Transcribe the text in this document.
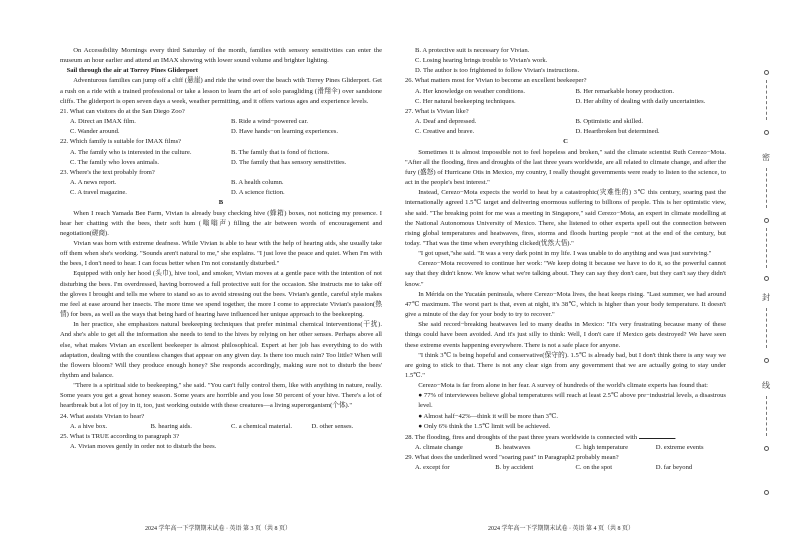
On Accessibility Mornings every third Saturday of the month, families with sensory sensitivities can enter the museum an hour earlier and attend an IMAX showing with lower sound volume and brighter lighting.

Sail through the air at Torrey Pines Gliderport

Adventurous families can jump off a cliff (悬崖) and ride the wind over the beach with Torrey Pines Gliderport. Get a rush on a ride with a trained professional or take a lesson to learn the art of solo paragliding (滑翔伞) over sandstone cliffs. The gliderport is open seven days a week, weather permitting, and it offers various ages and experience levels.

21. What can visitors do at the San Diego Zoo?

A. Direct an IMAX film.	B. Ride a wind−powered car.
C. Wander around.	D. Have hands−on learning experiences.

22. Which family is suitable for IMAX films?

A. The family who is interested in the culture.	B. The family that is fond of fictions.
C. The family who loves animals.	D. The family that has sensory sensitivities.

23. Where's the text probably from?

A. A news report.	B. A health column.
C. A travel magazine.	D. A science fiction.

B

When I reach Yamada Bee Farm, Vivian is already busy checking hive (蜂箱) boxes, not noticing my presence. I hear her chatting with the bees, their soft hum (嗡嗡声) filling the air between words of encouragement and negotiation(磋商).

Vivian was born with extreme deafness. While Vivian is able to hear with the help of hearing aids, she usually take off them when she's working. "Sounds aren't natural to me," she explains. "I just love the peace and quiet. When I'm with the bees, I don't need to hear. I can focus better when I'm not constantly disturbed."

Equipped with only her hood (头巾), hive tool, and smoker, Vivian moves at a gentle pace with the intention of not disturbing the bees. I'm overdressed, having borrowed a full protective suit for the occasion. She instructs me to take off the gloves I brought and tells me where to stand so as to avoid stressing out the bees. Vivian's gentle, careful style makes me feel at ease around her insects. The more time we spend together, the more I come to appreciate Vivian's passion(热情) for bees, as well as the ways that being hard of hearing have influenced her unique approach to the beekeeping.

In her practice, she emphasizes natural beekeeping techniques that prefer minimal chemical interventions(干扰). And she's able to get all the information she needs to tend to the hives by relying on her other senses. Perhaps above all else, what makes Vivian an excellent beekeeper is almost philosophical. Expert at her job has everything to do with adaptation, dealing with the countless changes that appear on any given day. Is there too much rain? Too little? When will the flowers bloom? Will they produce enough honey? She responds accordingly, making sure not to disturb the bees' rhythm and balance.

"There is a spiritual side to beekeeping," she said. "You can't fully control them, like with anything in nature, really. Some years you get a great honey season. Some years are horrible and you lose 50 percent of your hive. There's a lot of heartbreak but a lot of joy in it, too, just working outside with these creatures—a living superorganism(个体)."

24. What assists Vivian to hear?

A. a hive box.	B. hearing aids.	C. a chemical material.	D. other senses.

25. What is TRUE according to paragraph 3?

A. Vivian moves gently in order not to disturb the bees.
B. A protective suit is necessary for Vivian.
C. Losing hearing brings trouble to Vivian's work.
D. The author is too frightened to follow Vivian's instructions.

26. What matters most for Vivian to become an excellent beekeeper?

A. Her knowledge on weather conditions.	B. Her remarkable honey production.
C. Her natural beekeeping techniques.	D. Her ability of dealing with daily uncertainties.

27. What is Vivian like?

A. Deaf and depressed.	B. Optimistic and skilled.
C. Creative and brave.	D. Heartbroken but determined.

C

Sometimes it is almost impossible not to feel hopeless and broken," said the climate scientist Ruth Cerezo−Mota. "After all the flooding, fires and droughts of the last three years worldwide, are all related to climate change, and after the fury (盛怒) of Hurricane Otis in Mexico, my country, I really thought governments were ready to listen to the science, to act in the people's best interest."

Instead, Cerezo−Mota expects the world to heat by a catastrophic(灾难性的) 3℃ this century, soaring past the internationally agreed 1.5℃ target and delivering enormous suffering to billions of people. This is her optimistic view, she said. "The breaking point for me was a meeting in Singapore," said Cerezo−Mota, an expert in climate modelling at the National Autonomous University of Mexico. There, she listened to other experts spell out the connection between rising global temperatures and heatwaves, fires, storms and floods hurting people −not at the end of the century, but today. "That was the time when everything clicked(忧然大悟)."

"I got upset,"she said. "It was a very dark point in my life. I was unable to do anything and was just surviving."

Cerezo−Mota recovered to continue her work: "We keep doing it because we have to do it, so the powerful cannot say that they didn't know. We know what we're talking about. They can say they don't care, but they can't say they didn't know."

In Mérida on the Yucatán peninsula, where Cerezo−Mota lives, the heat keeps rising. "Last summer, we had around 47℃ maximum. The worst part is that, even at night, it's 38℃, which is higher than your body temperature. It doesn't give a minute of the day for your body to try to recover."

She said record−breaking heatwaves led to many deaths in Mexico: "It's very frustrating because many of these things could have been avoided. And it's just silly to think: Well, I don't care if Mexico gets destroyed? We have seen these extreme events happening everywhere. There is not a safe place for anyone.

"I think 3℃ is being hopeful and conservative(保守的). 1.5℃ is already bad, but I don't think there is any way we are going to stick to that. There is not any clear sign from any government that we are actually going to stay under 1.5℃."

Cerezo−Mota is far from alone in her fear. A survey of hundreds of the world's climate experts has found that:

● 77% of interviewees believe global temperatures will reach at least 2.5℃ above pre−industrial levels, a disastrous level.

● Almost half−42%—think it will be more than 3℃.

● Only 6% think the 1.5℃ limit will be achieved.

28. The flooding, fires and droughts of the past three years worldwide is connected with	.

A. climate change	B. heatwaves	C. high temperature	D. extreme events

29. What does the underlined word "soaring past" in Paragraph2 probably mean?

A. except for	B. by accident	C. on the spot	D. far beyond
2024 学年高一下学期期末试卷 · 英语 第 3 页（共 8 页）	2024 学年高一下学期期末试卷 · 英语 第 4 页（共 8 页）
密
封
线
